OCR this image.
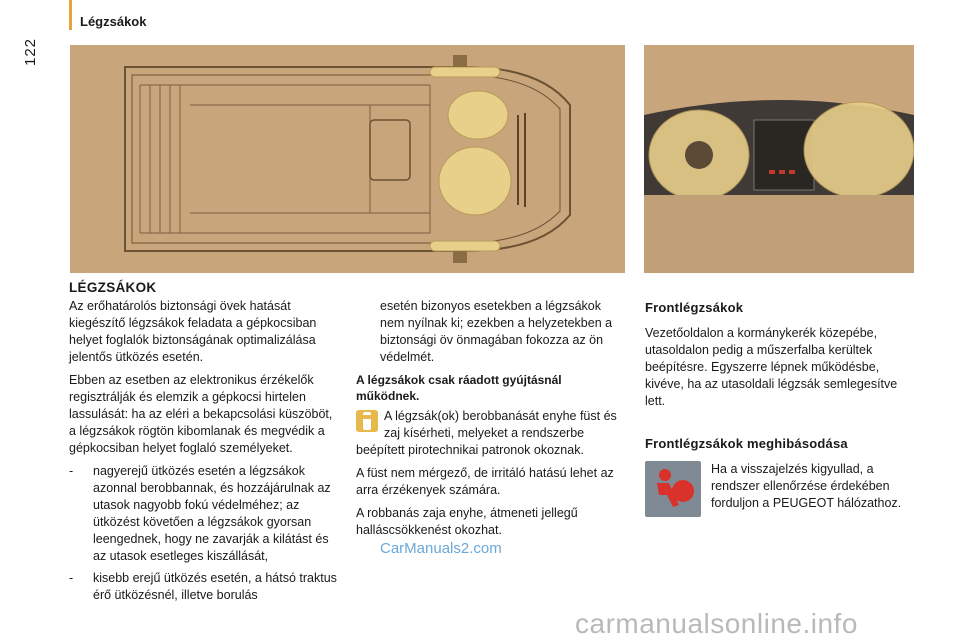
Légzsákok
122
LÉGZSÁKOK

Az erőhatárolós biztonsági övek hatását kiegészítő légzsákok feladata a gépkocsiban helyet foglalók biztonságának optimalizálása jelentős ütközés esetén.

Ebben az esetben az elektronikus érzékelők regisztrálják és elemzik a gépkocsi hirtelen lassulását: ha az eléri a bekapcsolási küszöböt, a légzsákok rögtön kibomlanak és megvédik a gépkocsiban helyet foglaló személyeket.

-	nagyerejű ütközés esetén a légzsákok azonnal berobbannak, és hozzájárulnak az utasok nagyobb fokú védelméhez; az ütközést követően a légzsákok gyorsan leengednek, hogy ne zavarják a kilátást és az utasok esetleges kiszállását,
-	kisebb erejű ütközés esetén, a hátsó traktus érő ütközésnél, illetve borulás

esetén bizonyos esetekben a légzsákok nem nyílnak ki; ezekben a helyzetekben a biztonsági öv önmagában fokozza az ön védelmét.

A légzsákok csak ráadott gyújtásnál működnek.

A légzsák(ok) berobbanását enyhe füst és zaj kísérheti, melyeket a rendszerbe beépített pirotechnikai patronok okoznak.

A füst nem mérgező, de irritáló hatású lehet az arra érzékenyek számára.

A robbanás zaja enyhe, átmeneti jellegű halláscsökkenést okozhat.

Frontlégzsákok

Vezetőoldalon a kormánykerék közepébe, utasoldalon pedig a műszerfalba kerültek beépítésre. Egyszerre lépnek működésbe, kivéve, ha az utasoldali légzsák semlegesítve lett.

Frontlégzsákok meghibásodása

Ha a visszajelzés kigyullad, a rendszer ellenőrzése érdekében forduljon a PEUGEOT hálózathoz.

CarManuals2.com
carmanualsonline.info
